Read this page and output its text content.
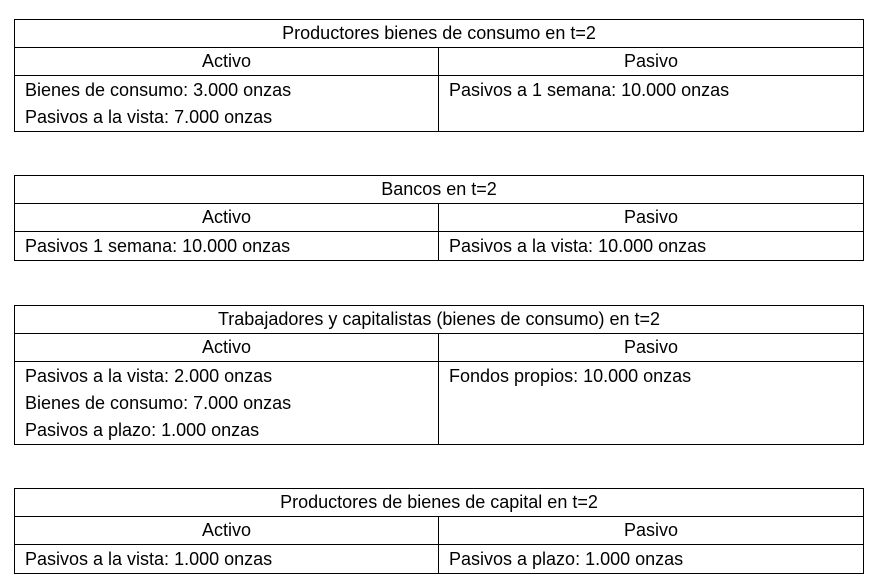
Productores bienes de consumo en t=2	
Activo	Pasivo

Bienes de consumo: 3.000 onzas
Pasivos a la vista: 7.000 onzas	Pasivos a 1 semana: 10.000 onzas
Bancos en t=2	
Activo	Pasivo

Pasivos 1 semana: 10.000 onzas	Pasivos a la vista: 10.000 onzas
Trabajadores y capitalistas (bienes de consumo) en t=2	
Activo	Pasivo

Pasivos a la vista: 2.000 onzas
Bienes de consumo: 7.000 onzas
Pasivos a plazo: 1.000 onzas	Fondos propios: 10.000 onzas
Productores de bienes de capital en t=2	
Activo	Pasivo

Pasivos a la vista: 1.000 onzas	Pasivos a plazo: 1.000 onzas
